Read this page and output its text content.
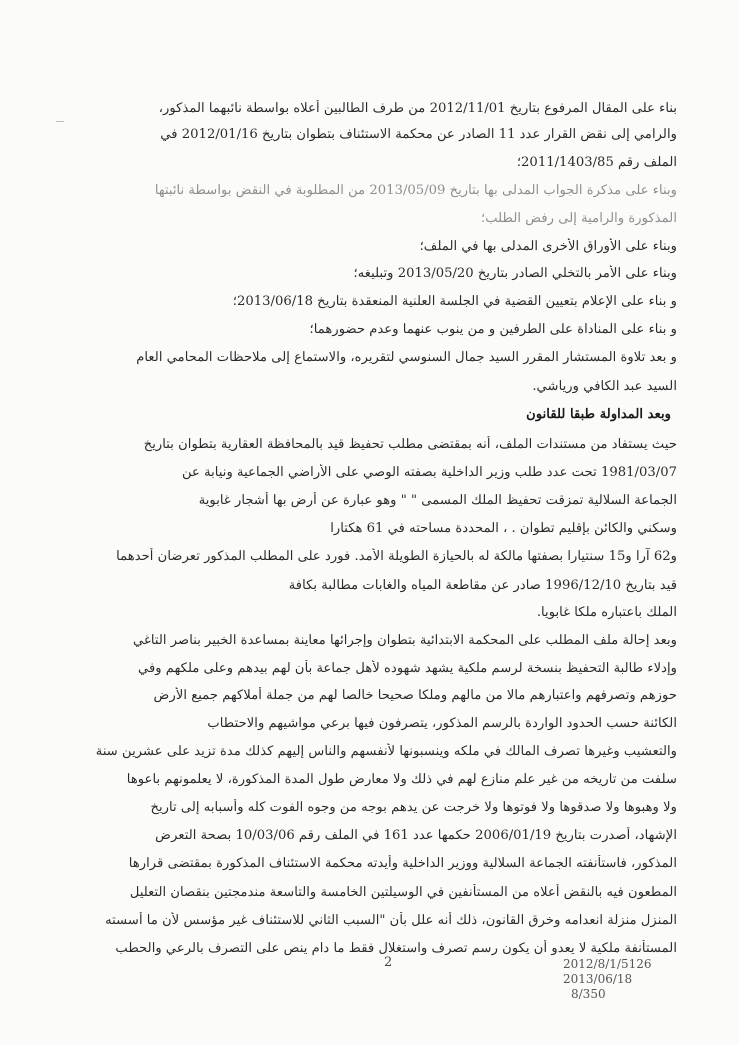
بناء على المقال المرفوع بتاريخ 2012/11/01 من طرف الطالبين أعلاه بواسطة نائبهما المذكور،
والرامي إلى نقض القرار عدد 11 الصادر عن محكمة الاستئناف بتطوان بتاريخ 2012/01/16 في
الملف رقم 2011/1403/85؛
وبناء على مذكرة الجواب المدلى بها بتاريخ 2013/05/09 من المطلوبة في النقض بواسطة نائبتها
المذكورة والرامية إلى رفض الطلب؛
وبناء على الأوراق الأخرى المدلى بها في الملف؛
وبناء على الأمر بالتخلي الصادر بتاريخ 2013/05/20 وتبليغه؛
و بناء على الإعلام بتعيين القضية في الجلسة العلنية المنعقدة بتاريخ 2013/06/18؛
و بناء على المناداة على الطرفين و من ينوب عنهما وعدم حضورهما؛
و بعد تلاوة المستشار المقرر السيد جمال السنوسي لتقريره، والاستماع إلى ملاحظات المحامي العام
السيد عبد الكافي ورياشي.
وبعد المداولة طبقا للقانون
حيث يستفاد من مستندات الملف، أنه بمقتضى مطلب تحفيظ قيد بالمحافظة العقارية بتطوان بتاريخ
1981/03/07 تحت عدد طلب وزير الداخلية بصفته الوصي على الأراضي الجماعية ونيابة عن
الجماعة السلالية تمزقت تحفيظ الملك المسمى " " وهو عبارة عن أرض بها أشجار غابوية
وسكني والكائن بإقليم تطوان . ، المحددة مساحته في 61 هكتارا
و62 آرا و15 سنتيارا بصفتها مالكة له بالحيازة الطويلة الأمد. فورد على المطلب المذكور تعرضان أحدهما
قيد بتاريخ 1996/12/10 صادر عن مقاطعة المياه والغابات مطالبة بكافة
الملك باعتباره ملكا غابويا.
وبعد إحالة ملف المطلب على المحكمة الابتدائية بتطوان وإجرائها معاينة بمساعدة الخبير بناصر التاغي
وإدلاء طالبة التحفيظ بنسخة لرسم ملكية يشهد شهوده لأهل جماعة بأن لهم بيدهم وعلى ملكهم وفي
حوزهم وتصرفهم واعتبارهم مالا من مالهم وملكا صحيحا خالصا لهم من جملة أملاكهم جميع الأرض
الكائنة حسب الحدود الواردة بالرسم المذكور، يتصرفون فيها برعي مواشيهم والاحتطاب
والتعشيب وغيرها تصرف المالك في ملكه وينسبونها لأنفسهم والناس إليهم كذلك مدة تزيد على عشرين سنة
سلفت من تاريخه من غير علم منازع لهم في ذلك ولا معارض طول المدة المذكورة، لا يعلمونهم باعوها
ولا وهبوها ولا صدقوها ولا فوتوها ولا خرجت عن يدهم بوجه من وجوه الفوت كله وأسبابه إلى تاريخ
الإشهاد، أصدرت بتاريخ 2006/01/19 حكمها عدد 161 في الملف رقم 10/03/06 بصحة التعرض
المذكور، فاستأنفته الجماعة السلالية ووزير الداخلية وأيدته محكمة الاستئناف المذكورة بمقتضى قرارها
المطعون فيه بالنقض أعلاه من المستأنفين في الوسيلتين الخامسة والتاسعة مندمجتين بنقصان التعليل
المنزل منزلة انعدامه وخرق القانون، ذلك أنه علل بأن "السبب الثاني للاستئناف غير مؤسس لأن ما أسسته
المستأنفة ملكية لا يعدو أن يكون رسم تصرف واستغلال فقط ما دام ينص على التصرف بالرعي والحطب
2	2012/8/1/5126
2013/06/18
8/350
